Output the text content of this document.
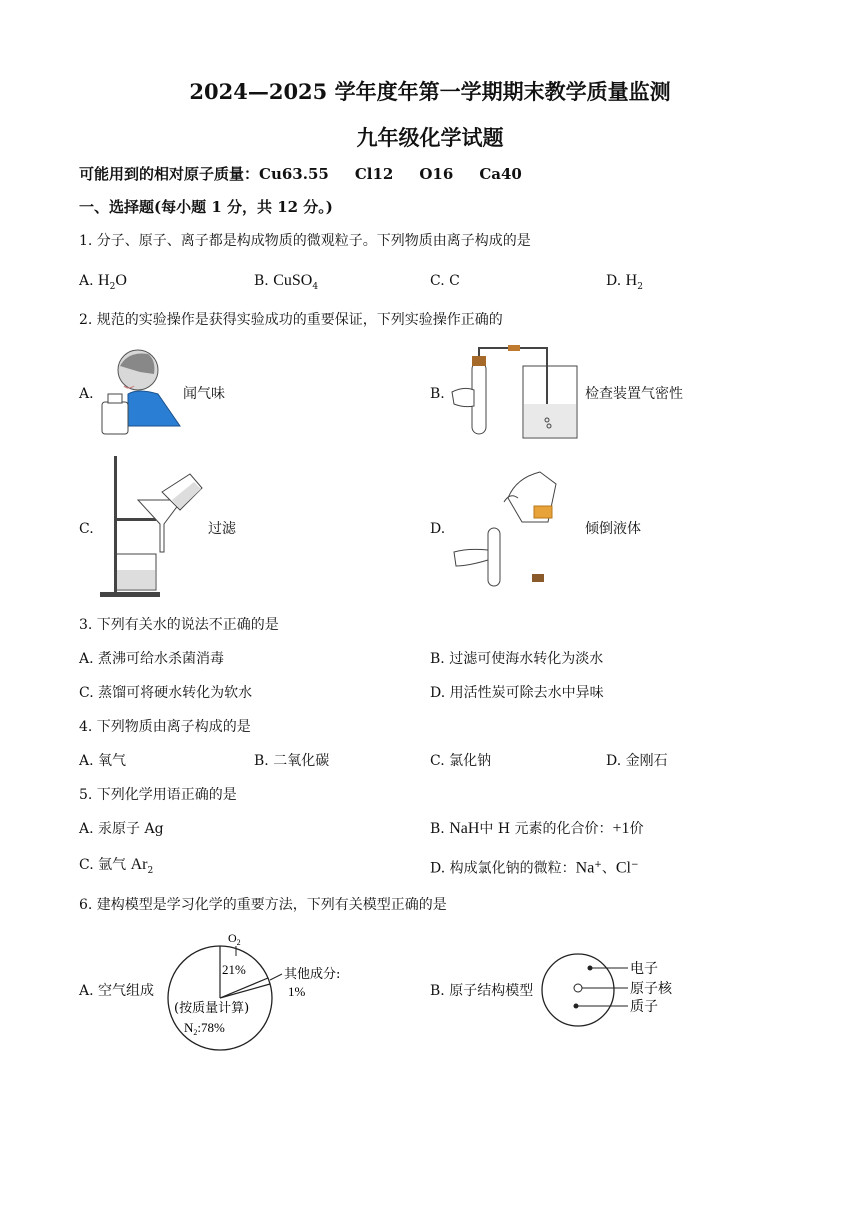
2024—2025 学年度年第一学期期末教学质量监测
九年级化学试题
可能用到的相对原子质量：Cu63.55 Cl12 O16 Ca40
一、选择题(每小题 1 分，共 12 分。)
1. 分子、原子、离子都是构成物质的微观粒子。下列物质由离子构成的是
A. $H_2O$	B. CuSO$_4$	C. C	D. $H_2$
2. 规范的实验操作是获得实验成功的重要保证，下列实验操作正确的
A.	闻气味	B.	检查装置气密性
C.	过滤	D.	倾倒液体
3. 下列有关水的说法不正确的是
A. 煮沸可给水杀菌消毒	B. 过滤可使海水转化为淡水
C. 蒸馏可将硬水转化为软水	D. 用活性炭可除去水中异味
4. 下列物质由离子构成的是
A. 氧气	B. 二氧化碳	C. 氯化钠	D. 金刚石
5. 下列化学用语正确的是
A. 汞原子 Ag	B. NaH中 H 元素的化合价：+1价
C. 氩气 $Ar_2$	D. 构成氯化钠的微粒：Na+、Cl−
6. 建构模型是学习化学的重要方法，下列有关模型正确的是
A. 空气组成
$O_2$
21%	其他成分:
1%
(按质量计算)
$N_2:78\%$
B. 原子结构模型
电子
原子核
质子
